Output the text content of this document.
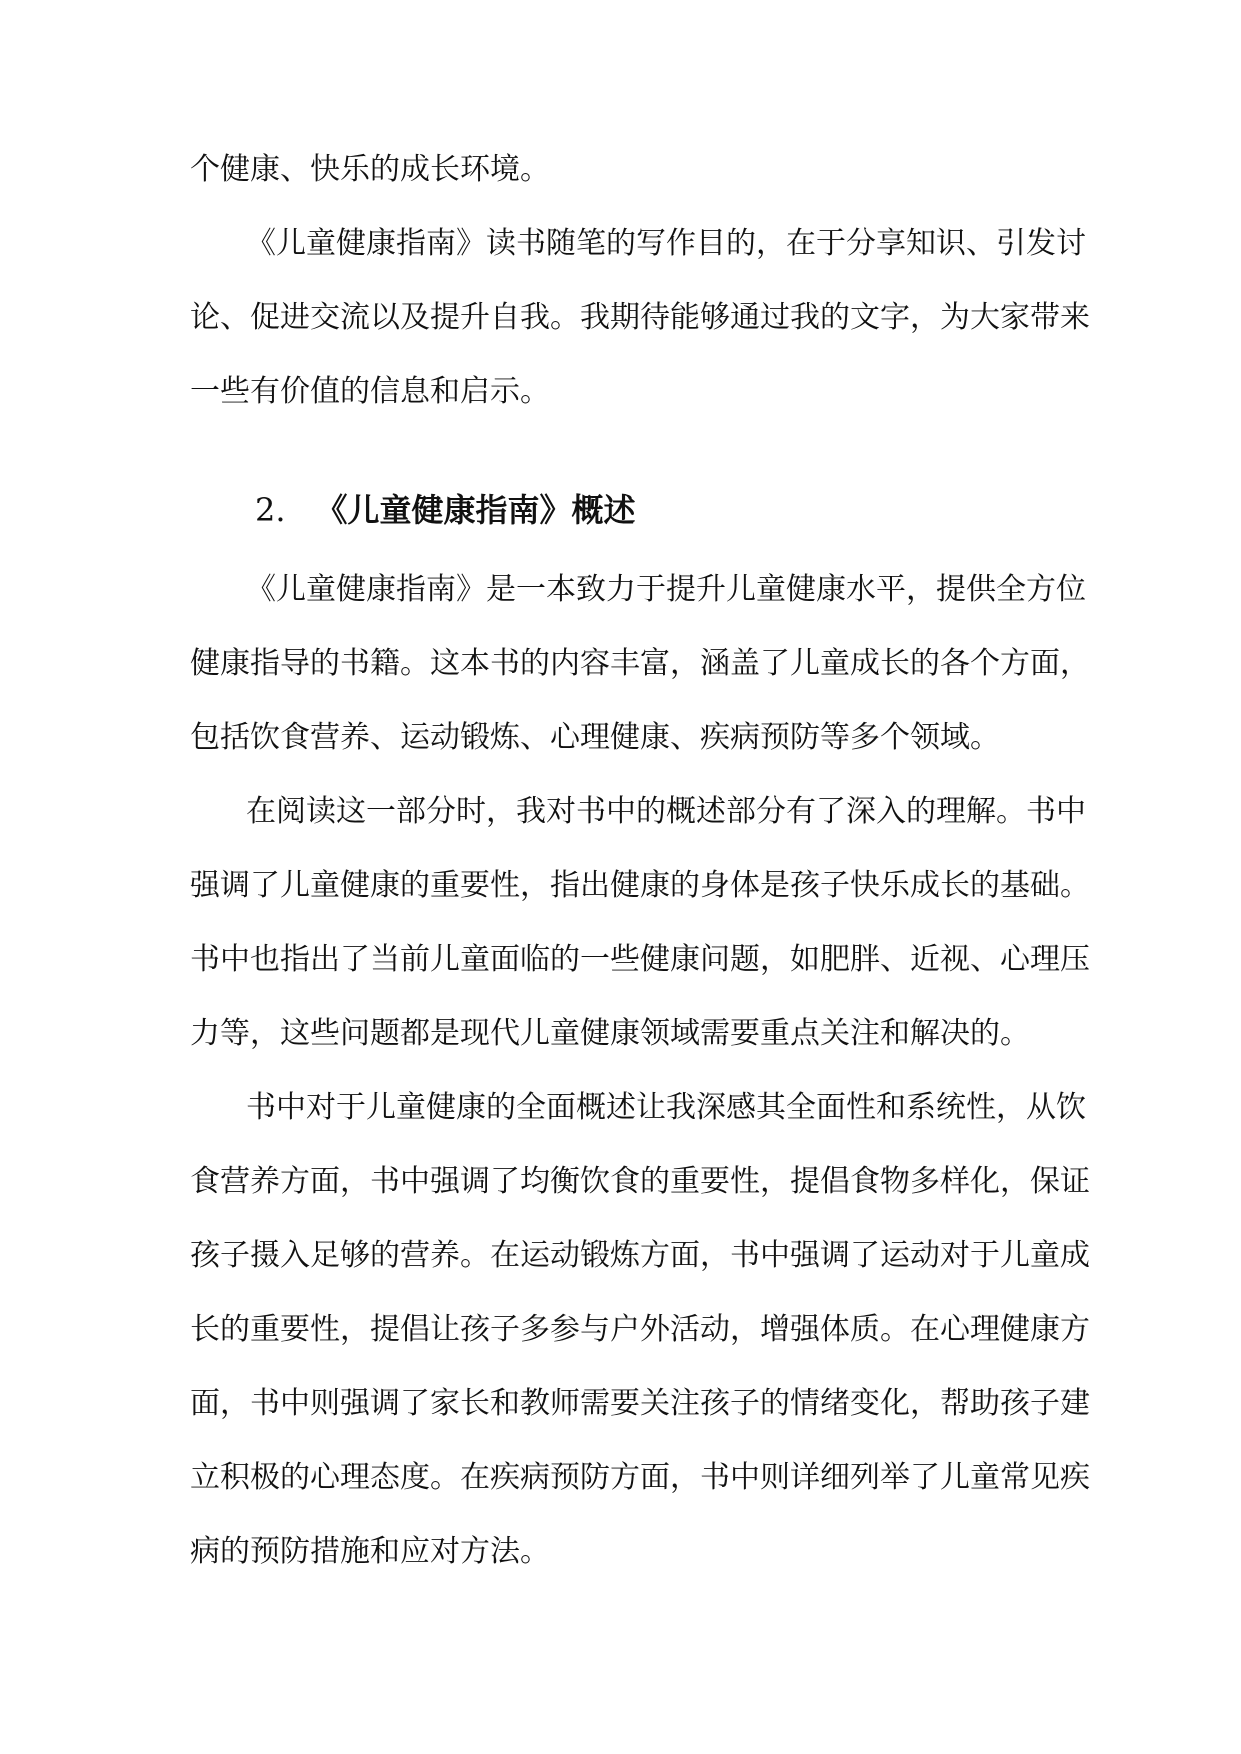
个健康、快乐的成长环境。

《儿童健康指南》读书随笔的写作目的，在于分享知识、引发讨

论、促进交流以及提升自我。我期待能够通过我的文字，为大家带来

一些有价值的信息和启示。

2. 《儿童健康指南》概述

《儿童健康指南》是一本致力于提升儿童健康水平，提供全方位

健康指导的书籍。这本书的内容丰富，涵盖了儿童成长的各个方面，

包括饮食营养、运动锻炼、心理健康、疾病预防等多个领域。

在阅读这一部分时，我对书中的概述部分有了深入的理解。书中

强调了儿童健康的重要性，指出健康的身体是孩子快乐成长的基础。

书中也指出了当前儿童面临的一些健康问题，如肥胖、近视、心理压

力等，这些问题都是现代儿童健康领域需要重点关注和解决的。

书中对于儿童健康的全面概述让我深感其全面性和系统性，从饮

食营养方面，书中强调了均衡饮食的重要性，提倡食物多样化，保证

孩子摄入足够的营养。在运动锻炼方面，书中强调了运动对于儿童成

长的重要性，提倡让孩子多参与户外活动，增强体质。在心理健康方

面，书中则强调了家长和教师需要关注孩子的情绪变化，帮助孩子建

立积极的心理态度。在疾病预防方面，书中则详细列举了儿童常见疾

病的预防措施和应对方法。
